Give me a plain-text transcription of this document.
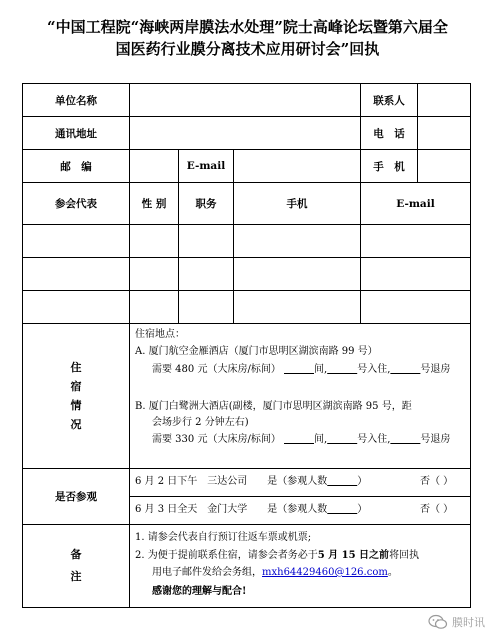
“中国工程院“海峡两岸膜法水处理”院士高峰论坛暨第六届全
国医药行业膜分离技术应用研讨会”回执
单位名称	联系人
通讯地址	电　话
邮　编	E-mail	手　机
参会代表	性 别	职务	手机	E-mail
住
宿
情
况
住宿地点：
A. 厦门航空金雁酒店（厦门市思明区湖滨南路 99 号）
需要 480 元（大床房/标间） 　　　	间,　　　	号入住,　　　	号退房
B. 厦门白鹭洲大酒店(副楼，厦门市思明区湖滨南路 95 号，距
会场步行 2 分钟左右)
需要 330 元（大床房/标间） 　　　	间,　　　	号入住,　　　	号退房
是否参观
6 月 2 日下午　三达公司　　是（参观人数　　　	）	否（ ）
6 月 3 日全天　金门大学　　是（参观人数　　　	）	否（ ）
备
注
1. 请参会代表自行预订往返车票或机票;
2. 为便于提前联系住宿，请参会者务必于5 月 15 日之前将回执
用电子邮件发给会务组，mxh64429460@126.com。
感谢您的理解与配合!
膜时讯
